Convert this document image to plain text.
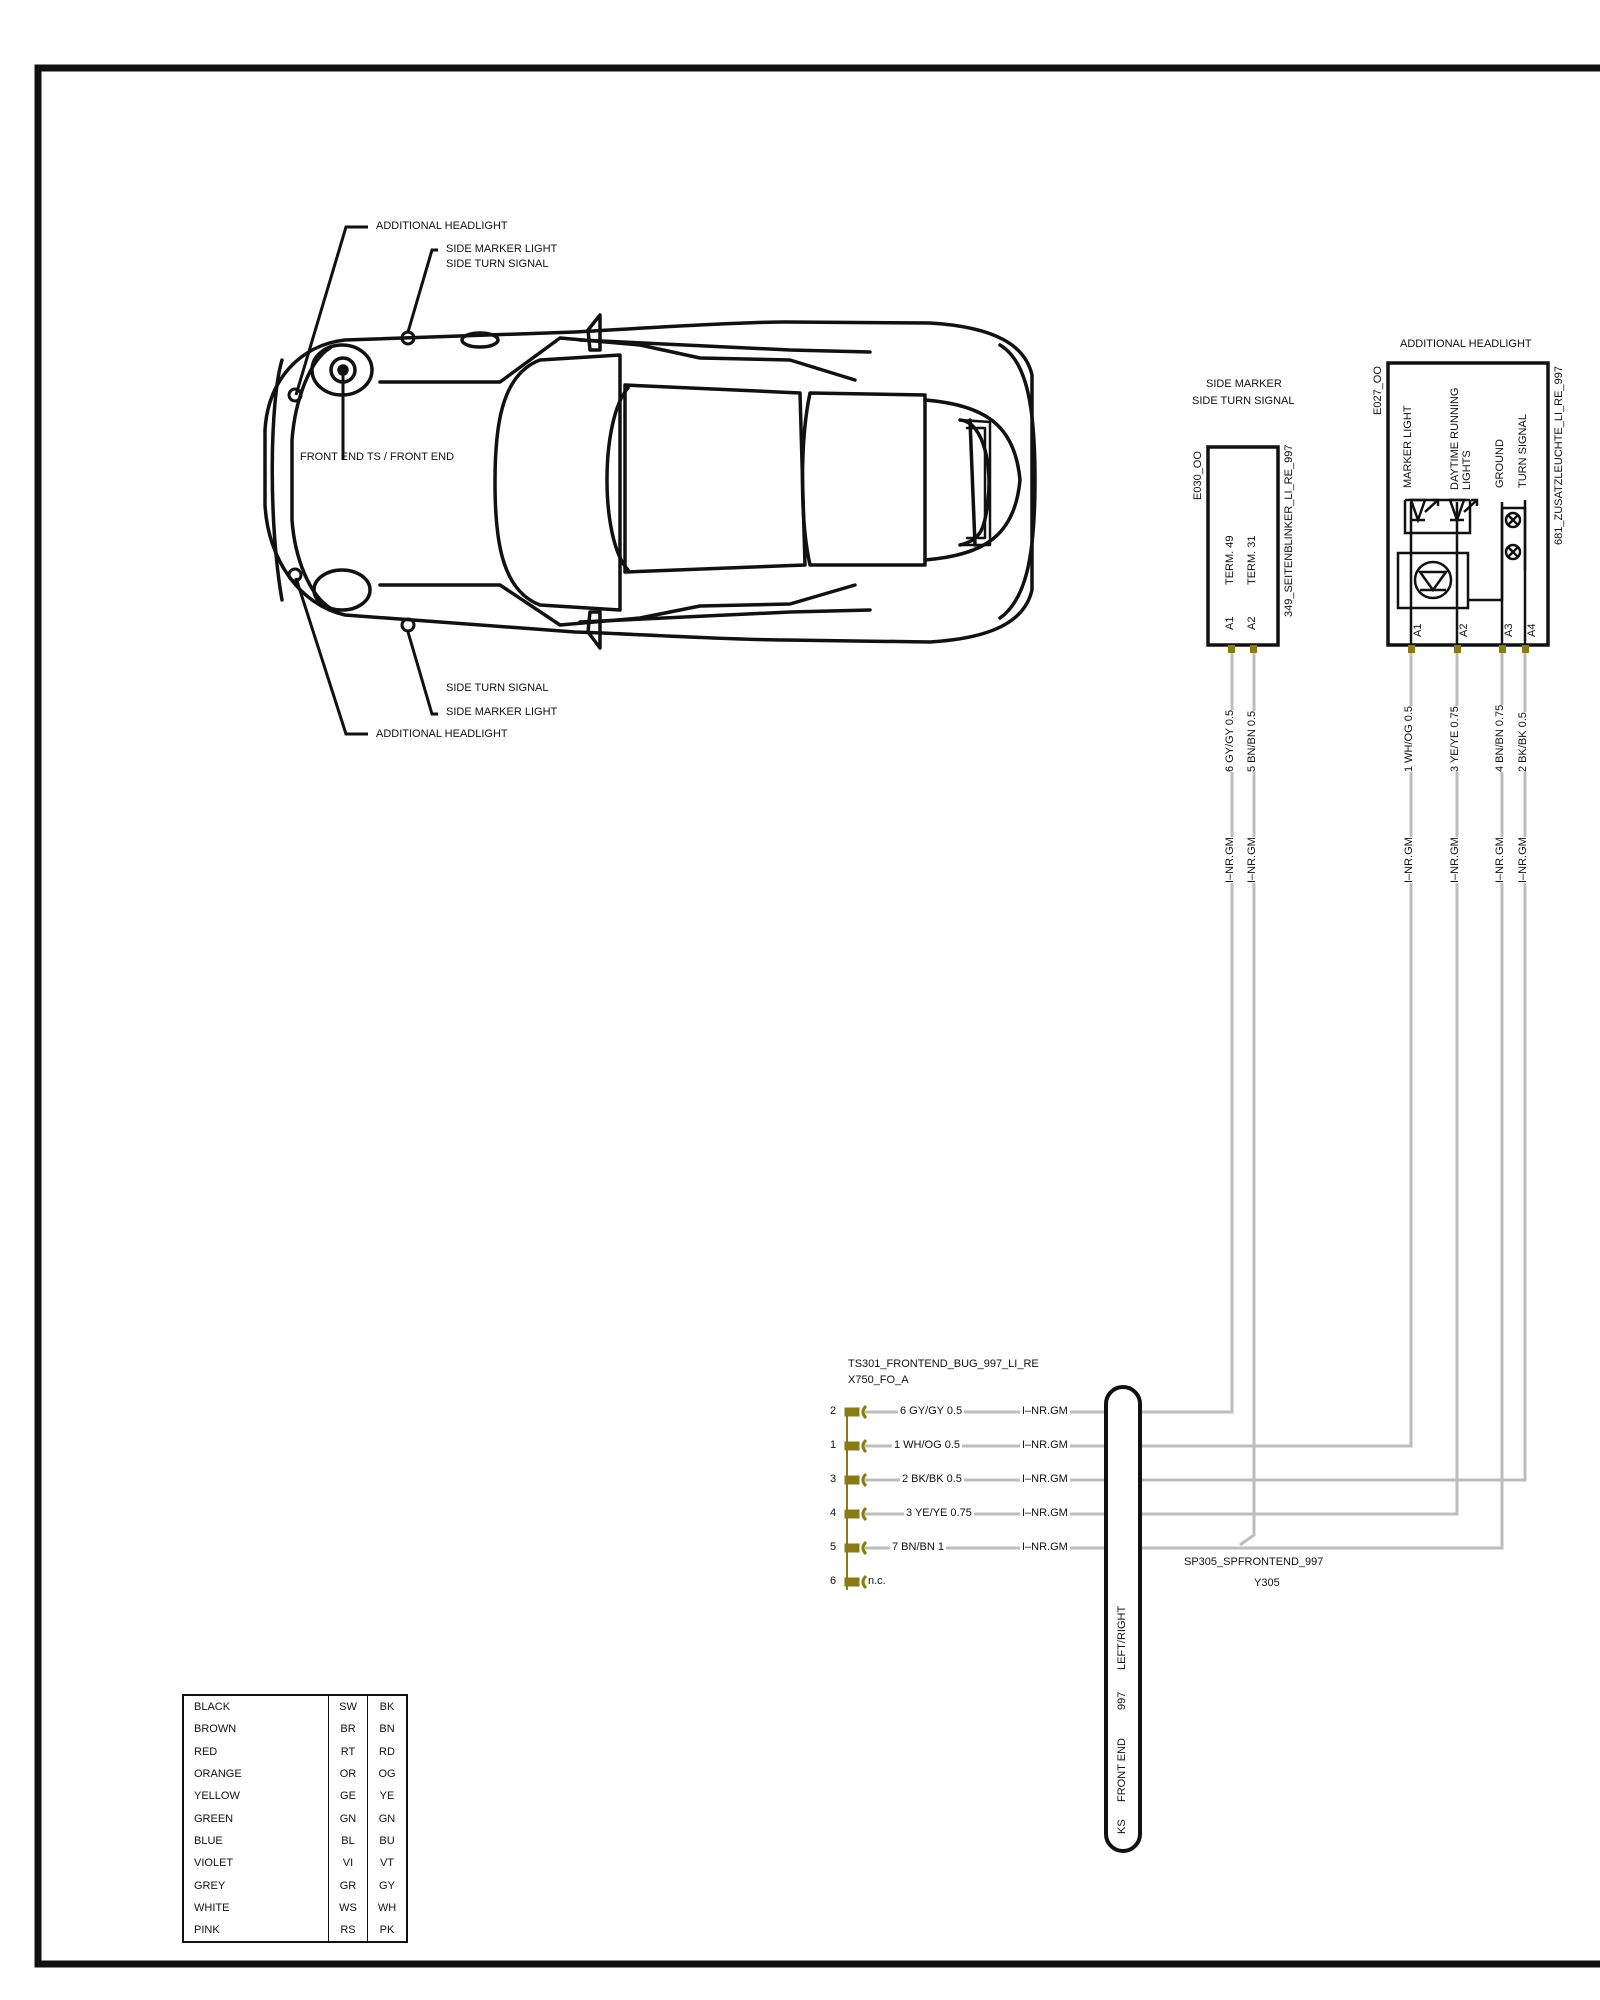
ADDITIONAL HEADLIGHT
SIDE MARKER LIGHT
SIDE TURN SIGNAL
FRONT END TS / FRONT END
SIDE TURN SIGNAL
SIDE MARKER LIGHT
ADDITIONAL HEADLIGHT
SIDE MARKER
SIDE TURN SIGNAL
E030_OO	349_SEITENBLINKER_LI_RE_997
TERM. 49 TERM. 31
A1 A2
ADDITIONAL HEADLIGHT
E027_OO	681_ZUSATZLEUCHTE_LI_RE_997
MARKER LIGHT	DAYTIME RUNNING LIGHTS GROUND TURN SIGNAL
A1	A2	A3 A4
6 GY/GY 0.5 5 BN/BN 0.5	1 WH/OG 0.5	3 YE/YE 0.75	4 BN/BN 0.75 2 BK/BK 0.5
I–NR.GM I–NR.GM	I–NR.GM	I–NR.GM	I–NR.GM I–NR.GM
TS301_FRONTEND_BUG_997_LI_RE
X750_FO_A
2
1
3
4
5
6
6 GY/GY 0.5
1 WH/OG 0.5
2 BK/BK 0.5
3 YE/YE 0.75
7 BN/BN 1
n.c.
I–NR.GM
I–NR.GM
I–NR.GM
I–NR.GM
I–NR.GM
SP305_SPFRONTEND_997
Y305
KS
FRONT END
997
LEFT/RIGHT
BLACK	SW	BK
BROWN	BR	BN
RED	RT	RD
ORANGE	OR	OG
YELLOW	GE	YE
GREEN	GN	GN
BLUE	BL	BU
VIOLET	VI	VT
GREY	GR	GY
WHITE	WS	WH
PINK	RS	PK
